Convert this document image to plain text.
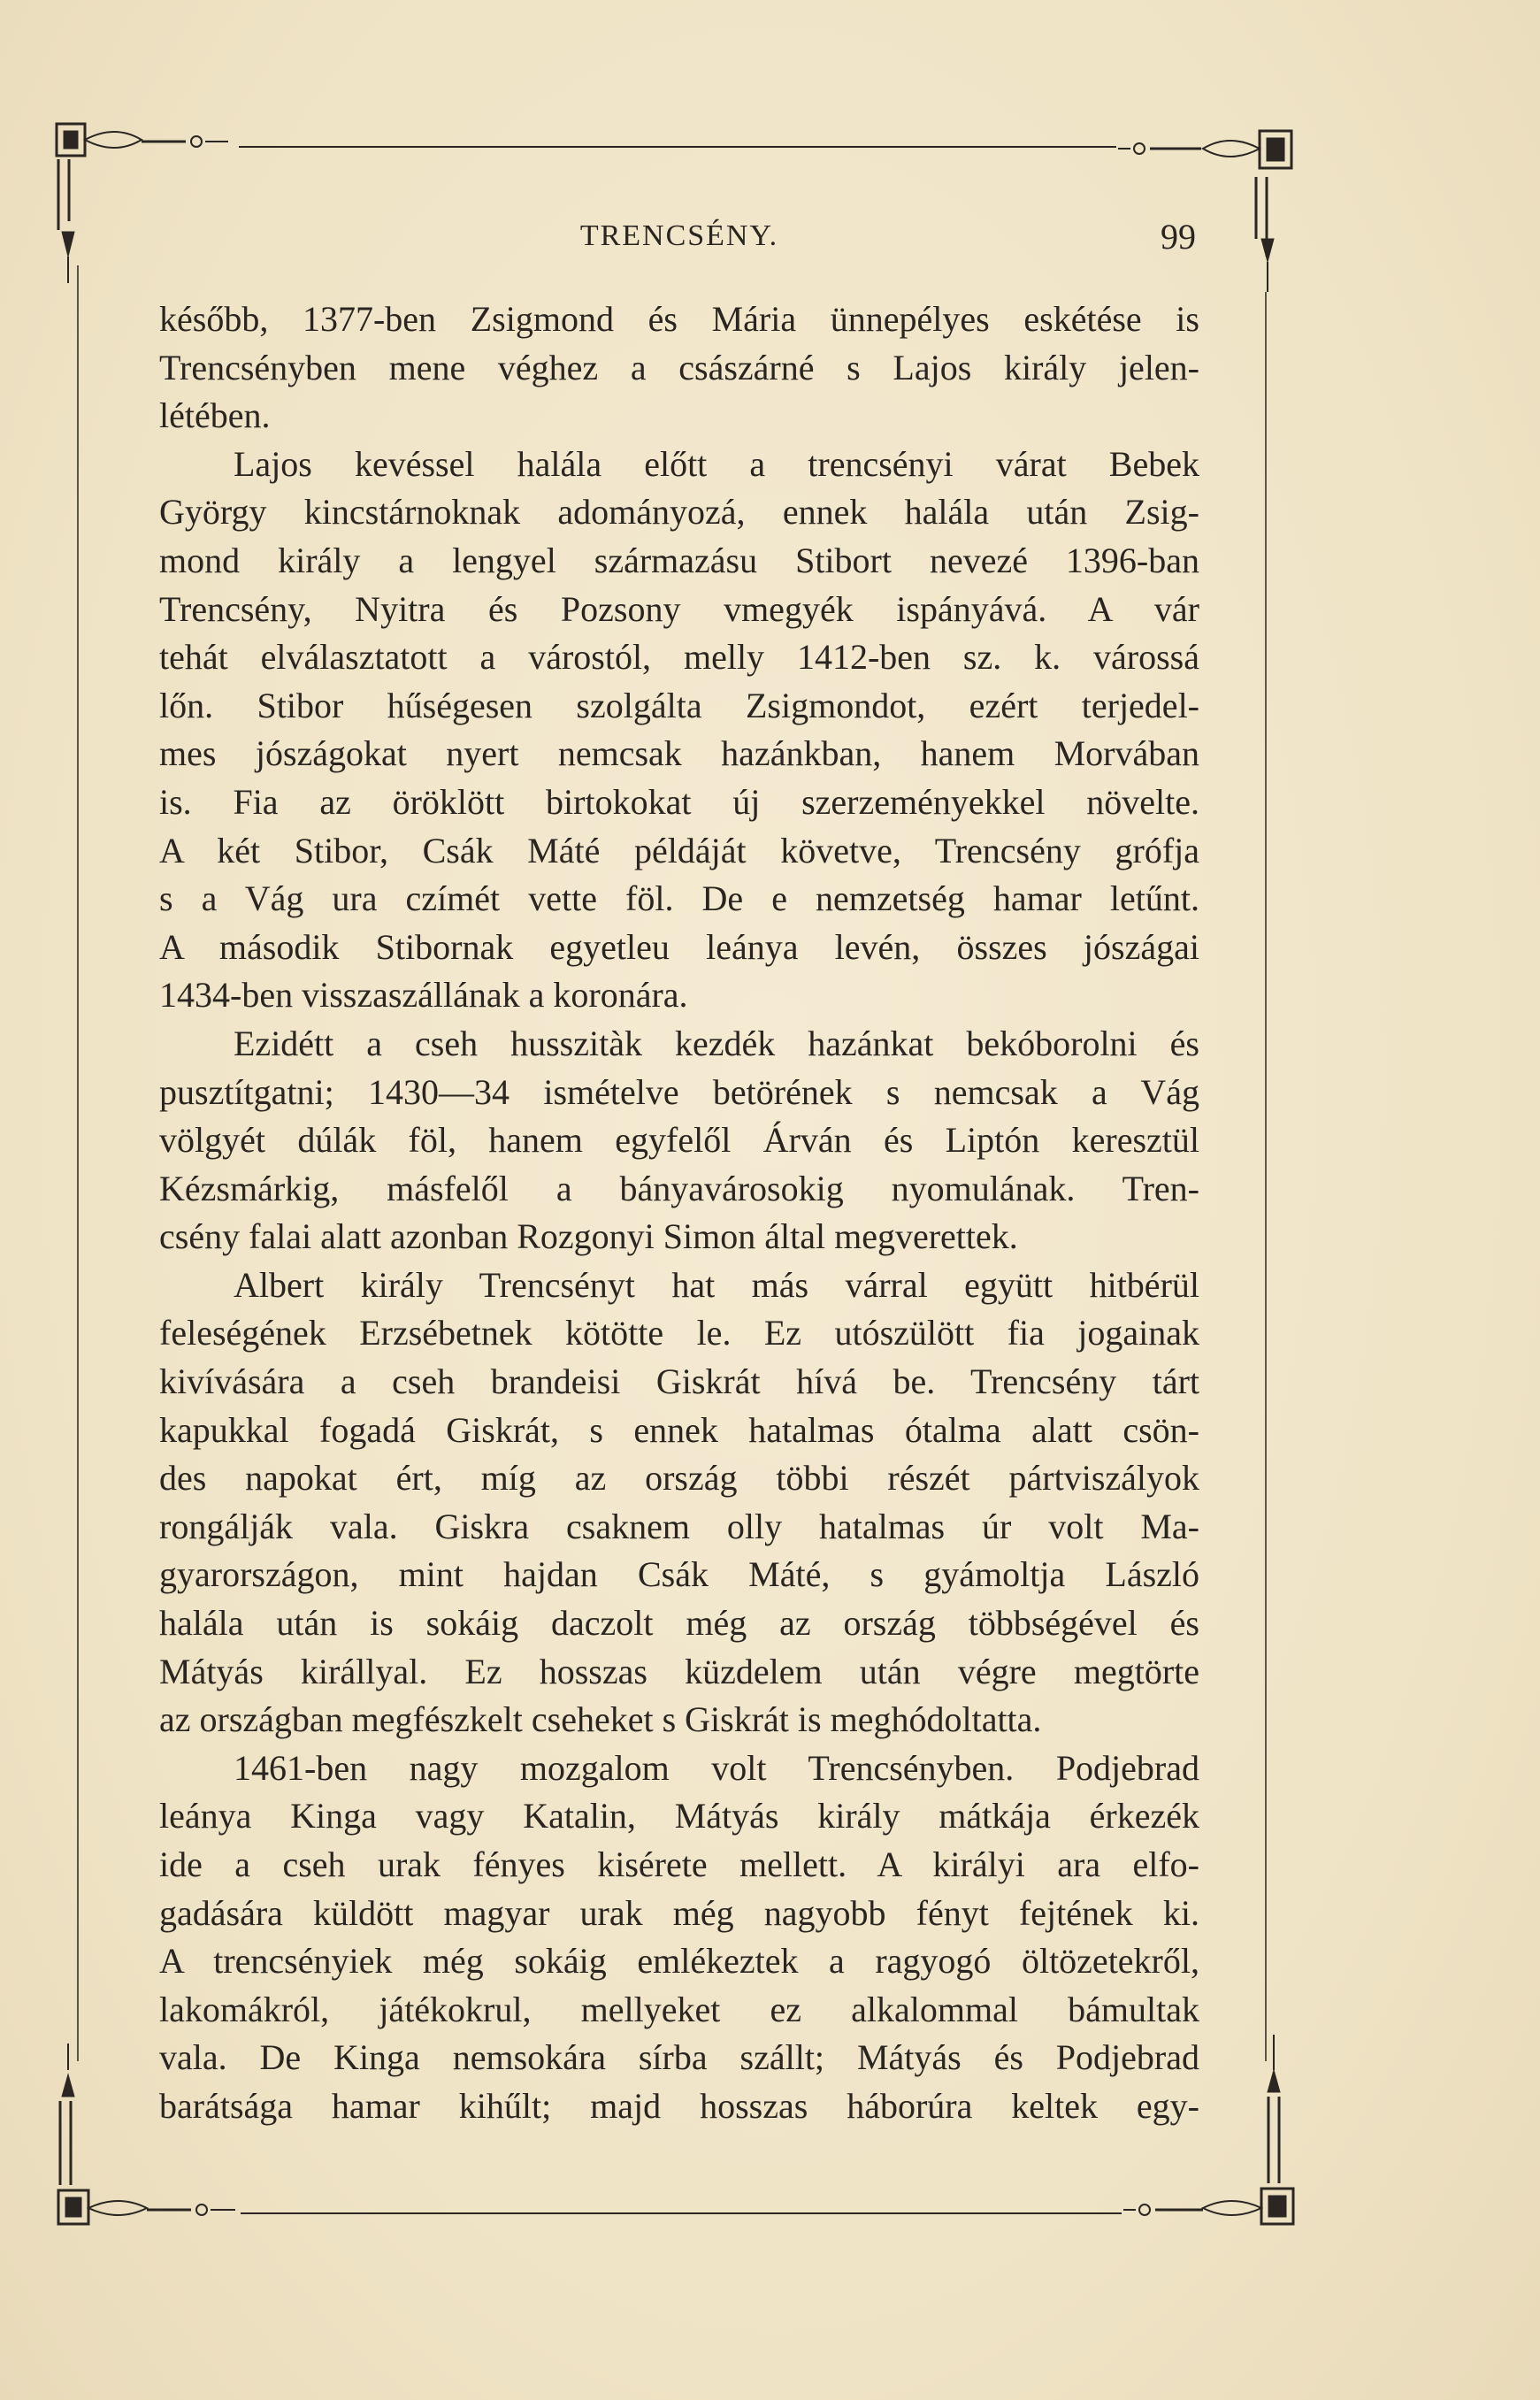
TRENCSÉNY.	99
később, 1377-ben Zsigmond és Mária ünnepélyes eskétése is
Trencsényben mene véghez a császárné s Lajos király jelen-
létében.
Lajos kevéssel halála előtt a trencsényi várat Bebek
György kincstárnoknak adományozá, ennek halála után Zsig-
mond király a lengyel származásu Stibort nevezé 1396-ban
Trencsény, Nyitra és Pozsony vmegyék ispányává. A vár
tehát elválasztatott a várostól, melly 1412-ben sz. k. várossá
lőn. Stibor hűségesen szolgálta Zsigmondot, ezért terjedel-
mes jószágokat nyert nemcsak hazánkban, hanem Morvában
is. Fia az öröklött birtokokat új szerzeményekkel növelte.
A két Stibor, Csák Máté példáját követve, Trencsény grófja
s a Vág ura czímét vette föl. De e nemzetség hamar letűnt.
A második Stibornak egyetleu leánya levén, összes jószágai
1434-ben visszaszállának a koronára.
Ezidétt a cseh husszitàk kezdék hazánkat bekóborolni és
pusztítgatni; 1430—34 ismételve betörének s nemcsak a Vág
völgyét dúlák föl, hanem egyfelől Árván és Liptón keresztül
Kézsmárkig, másfelől a bányavárosokig nyomulának. Tren-
csény falai alatt azonban Rozgonyi Simon által megverettek.
Albert király Trencsényt hat más várral együtt hitbérül
feleségének Erzsébetnek kötötte le. Ez utószülött fia jogainak
kivívására a cseh brandeisi Giskrát hívá be. Trencsény tárt
kapukkal fogadá Giskrát, s ennek hatalmas ótalma alatt csön-
des napokat ért, míg az ország többi részét pártviszályok
rongálják vala. Giskra csaknem olly hatalmas úr volt Ma-
gyarországon, mint hajdan Csák Máté, s gyámoltja László
halála után is sokáig daczolt még az ország többségével és
Mátyás királlyal. Ez hosszas küzdelem után végre megtörte
az országban megfészkelt cseheket s Giskrát is meghódoltatta.
1461-ben nagy mozgalom volt Trencsényben. Podjebrad
leánya Kinga vagy Katalin, Mátyás király mátkája érkezék
ide a cseh urak fényes kisérete mellett. A királyi ara elfo-
gadására küldött magyar urak még nagyobb fényt fejtének ki.
A trencsényiek még sokáig emlékeztek a ragyogó öltözetekről,
lakomákról, játékokrul, mellyeket ez alkalommal bámultak
vala. De Kinga nemsokára sírba szállt; Mátyás és Podjebrad
barátsága hamar kihűlt; majd hosszas háborúra keltek egy-
